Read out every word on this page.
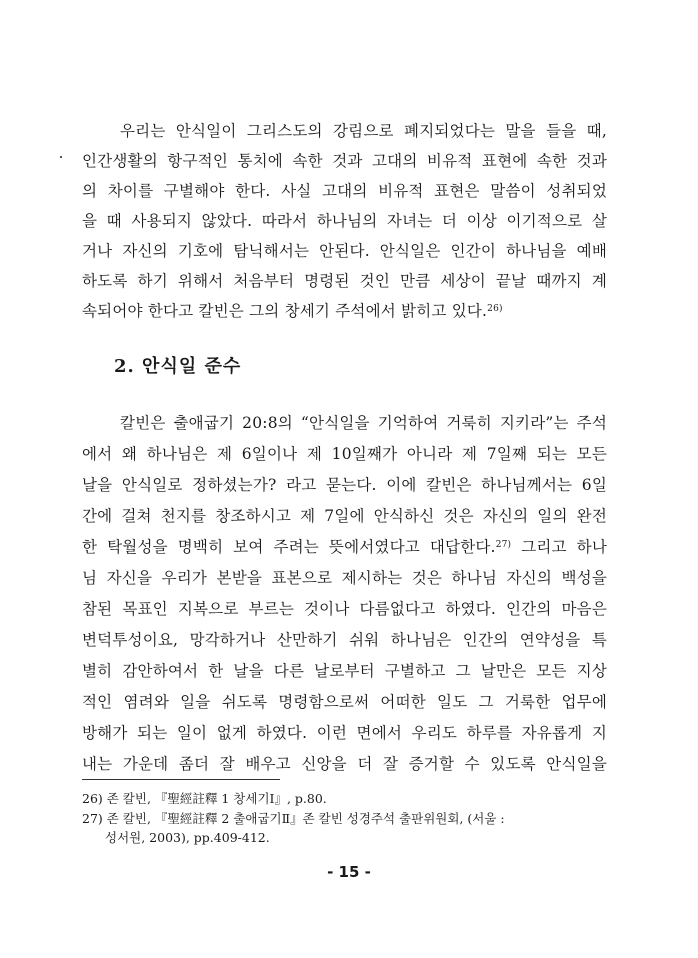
우리는 안식일이 그리스도의 강림으로 폐지되었다는 말을 들을 때,
인간생활의 항구적인 통치에 속한 것과 고대의 비유적 표현에 속한 것과
의 차이를 구별해야 한다. 사실 고대의 비유적 표현은 말씀이 성취되었
을 때 사용되지 않았다. 따라서 하나님의 자녀는 더 이상 이기적으로 살
거나 자신의 기호에 탐닉해서는 안된다. 안식일은 인간이 하나님을 예배
하도록 하기 위해서 처음부터 명령된 것인 만큼 세상이 끝날 때까지 계
속되어야 한다고 칼빈은 그의 창세기 주석에서 밝히고 있다.$^{26)}$
2. 안식일 준수
칼빈은 출애굽기 20:8의 “안식일을 기억하여 거룩히 지키라”는 주석
에서 왜 하나님은 제 6일이나 제 10일째가 아니라 제 7일째 되는 모든
날을 안식일로 정하셨는가? 라고 묻는다. 이에 칼빈은 하나님께서는 6일
간에 걸쳐 천지를 창조하시고 제 7일에 안식하신 것은 자신의 일의 완전
한 탁월성을 명백히 보여 주려는 뜻에서였다고 대답한다.$^{27)}$ 그리고 하나
님 자신을 우리가 본받을 표본으로 제시하는 것은 하나님 자신의 백성을
참된 목표인 지복으로 부르는 것이나 다름없다고 하였다. 인간의 마음은
변덕투성이요, 망각하거나 산만하기 쉬워 하나님은 인간의 연약성을 특
별히 감안하여서 한 날을 다른 날로부터 구별하고 그 날만은 모든 지상
적인 염려와 일을 쉬도록 명령함으로써 어떠한 일도 그 거룩한 업무에
방해가 되는 일이 없게 하였다. 이런 면에서 우리도 하루를 자유롭게 지
내는 가운데 좀더 잘 배우고 신앙을 더 잘 증거할 수 있도록 안식일을
26) 존 칼빈, 『聖經註釋 1 창세기Ⅰ』, p.80.
27) 존 칼빈, 『聖經註釋 2 출애굽기Ⅱ』존 칼빈 성경주석 출판위원회, (서울 :
성서원, 2003), pp.409-412.
- 15 -
